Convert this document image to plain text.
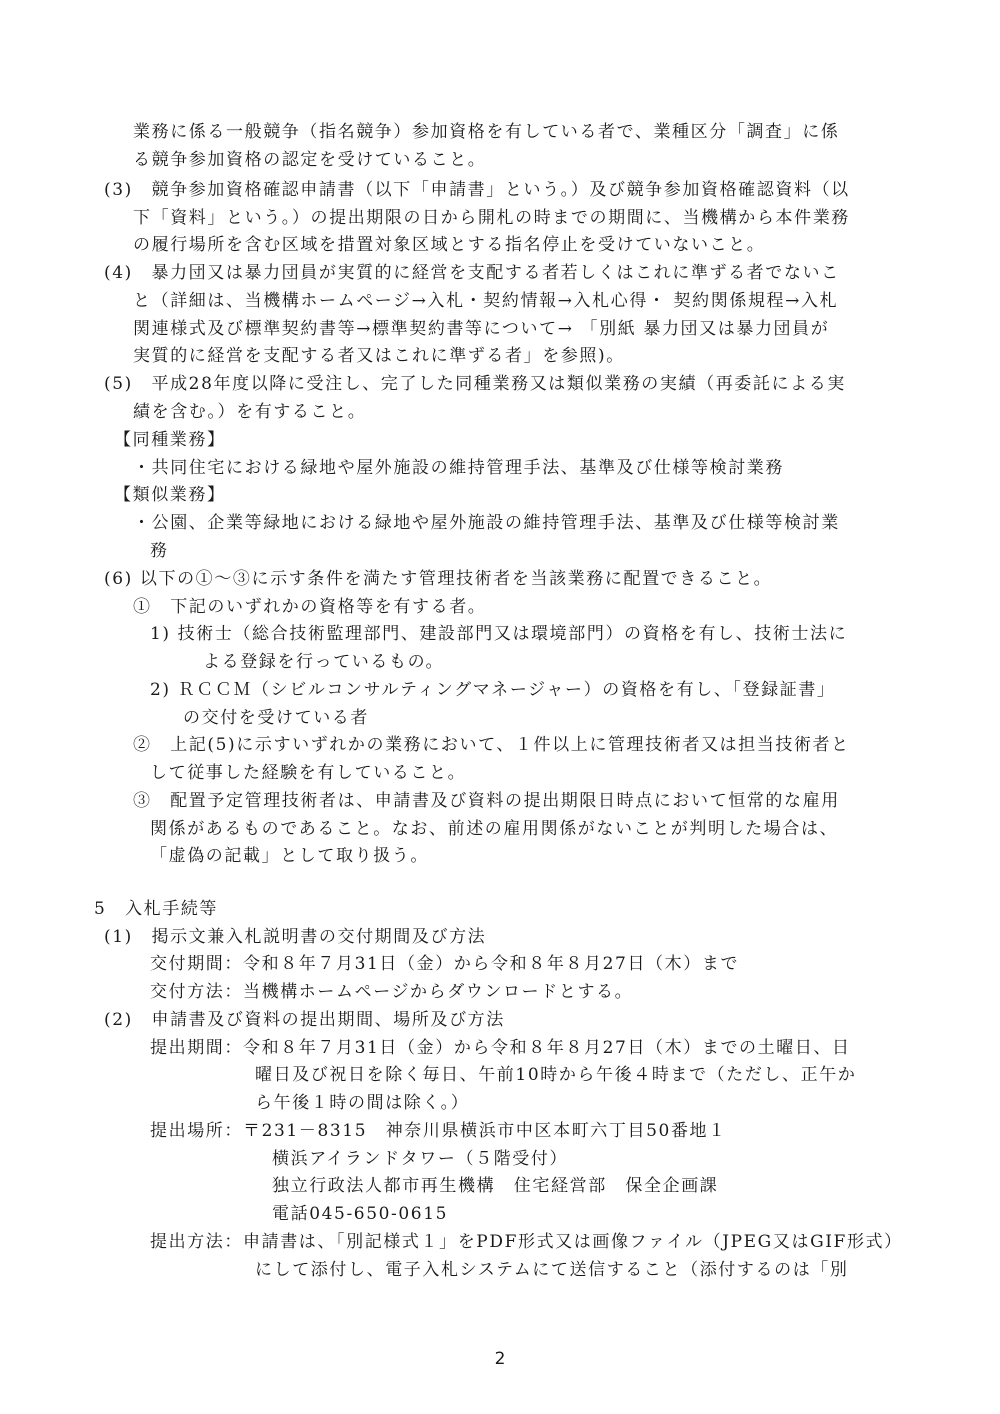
業務に係る一般競争（指名競争）参加資格を有している者で、業種区分「調査」に係
る競争参加資格の認定を受けていること。
(3)　競争参加資格確認申請書（以下「申請書」という。）及び競争参加資格確認資料（以
下「資料」という。）の提出期限の日から開札の時までの期間に、当機構から本件業務
の履行場所を含む区域を措置対象区域とする指名停止を受けていないこと。
(4)　暴力団又は暴力団員が実質的に経営を支配する者若しくはこれに準ずる者でないこ
と（詳細は、当機構ホームページ→入札・契約情報→入札心得・ 契約関係規程→入札
関連様式及び標準契約書等→標準契約書等について→ 「別紙 暴力団又は暴力団員が
実質的に経営を支配する者又はこれに準ずる者」を参照)。
(5)　平成28年度以降に受注し、完了した同種業務又は類似業務の実績（再委託による実
績を含む。）を有すること。
【同種業務】
・共同住宅における緑地や屋外施設の維持管理手法、基準及び仕様等検討業務
【類似業務】
・公園、企業等緑地における緑地や屋外施設の維持管理手法、基準及び仕様等検討業
務
(6) 以下の①～③に示す条件を満たす管理技術者を当該業務に配置できること。
①　下記のいずれかの資格等を有する者。
1) 技術士（総合技術監理部門、建設部門又は環境部門）の資格を有し、技術士法に
よる登録を行っているもの。
2) ＲＣＣＭ（シビルコンサルティングマネージャー）の資格を有し、「登録証書」
の交付を受けている者
②　上記(5)に示すいずれかの業務において、１件以上に管理技術者又は担当技術者と
して従事した経験を有していること。
③　配置予定管理技術者は、申請書及び資料の提出期限日時点において恒常的な雇用
関係があるものであること。なお、前述の雇用関係がないことが判明した場合は、
「虚偽の記載」として取り扱う。
5　入札手続等
(1)　掲示文兼入札説明書の交付期間及び方法
交付期間：令和８年７月31日（金）から令和８年８月27日（木）まで
交付方法：当機構ホームページからダウンロードとする。
(2)　申請書及び資料の提出期間、場所及び方法
提出期間：令和８年７月31日（金）から令和８年８月27日（木）までの土曜日、日
曜日及び祝日を除く毎日、午前10時から午後４時まで（ただし、正午か
ら午後１時の間は除く。）
提出場所：〒231－8315　神奈川県横浜市中区本町六丁目50番地１
横浜アイランドタワー（５階受付）
独立行政法人都市再生機構　住宅経営部　保全企画課
電話045-650-0615
提出方法：申請書は、「別記様式１」をPDF形式又は画像ファイル（JPEG又はGIF形式）
にして添付し、電子入札システムにて送信すること（添付するのは「別
2
